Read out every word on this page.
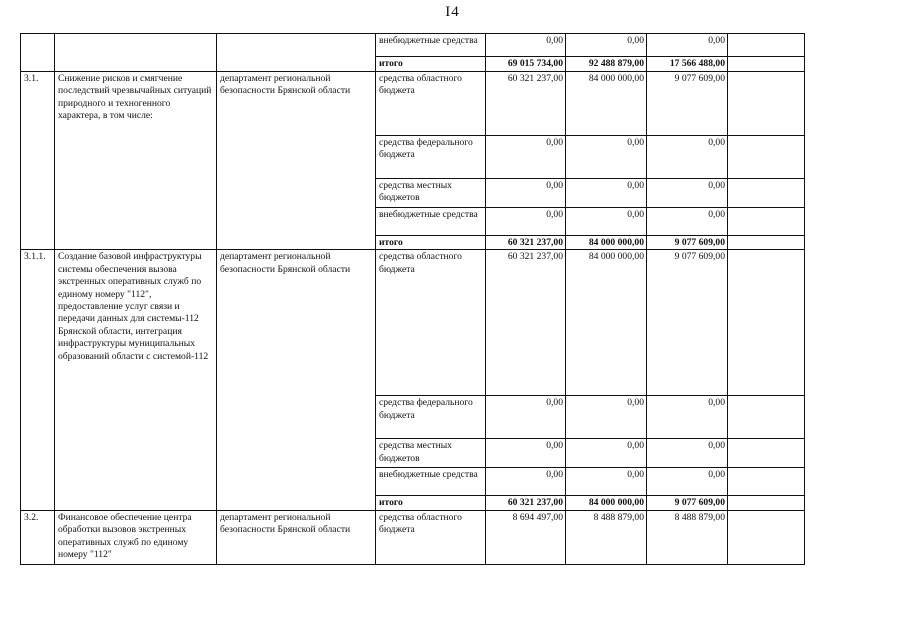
I4
			внебюджетные средства	0,00	0,00	0,00	
			итого	69 015 734,00	92 488 879,00	17 566 488,00	
3.1.	Снижение рисков и смягчение последствий чрезвычайных ситуаций природного и техногенного характера, в том числе:	департамент региональной безопасности Брянской области	средства областного бюджета	60 321 237,00	84 000 000,00	9 077 609,00	
			средства федерального бюджета	0,00	0,00	0,00	
			средства местных бюджетов	0,00	0,00	0,00	
			внебюджетные средства	0,00	0,00	0,00	
			итого	60 321 237,00	84 000 000,00	9 077 609,00	
3.1.1.	Создание базовой инфраструктуры системы обеспечения вызова экстренных оперативных служб по единому номеру "112", предоставление услуг связи и передачи данных для системы-112 Брянской области, интеграция инфраструктуры муниципальных образований области с системой-112	департамент региональной безопасности Брянской области	средства областного бюджета	60 321 237,00	84 000 000,00	9 077 609,00	
			средства федерального бюджета	0,00	0,00	0,00	
			средства местных бюджетов	0,00	0,00	0,00	
			внебюджетные средства	0,00	0,00	0,00	
			итого	60 321 237,00	84 000 000,00	9 077 609,00	
3.2.	Финансовое обеспечение центра обработки вызовов экстренных оперативных служб по единому номеру "112"	департамент региональной безопасности Брянской области	средства областного бюджета	8 694 497,00	8 488 879,00	8 488 879,00	
